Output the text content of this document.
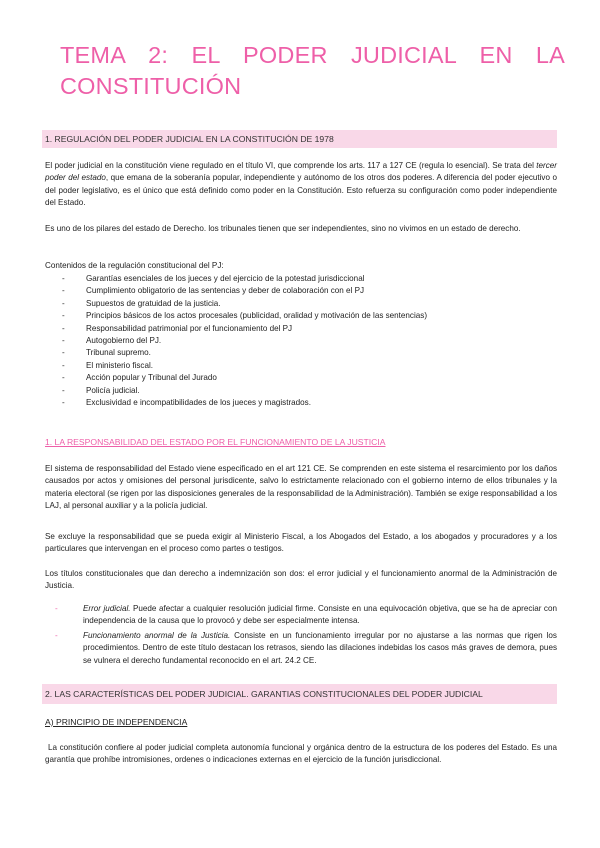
TEMA 2: EL PODER JUDICIAL EN LA CONSTITUCIÓN
1. REGULACIÓN DEL PODER JUDICIAL EN LA CONSTITUCIÓN DE 1978

El poder judicial en la constitución viene regulado en el título VI, que comprende los arts. 117 a 127 CE (regula lo esencial). Se trata del tercer poder del estado, que emana de la soberanía popular, independiente y autónomo de los otros dos poderes. A diferencia del poder ejecutivo o del poder legislativo, es el único que está definido como poder en la Constitución. Esto refuerza su configuración como poder independiente del Estado.

Es uno de los pilares del estado de Derecho. los tribunales tienen que ser independientes, sino no vivimos en un estado de derecho.

Contenidos de la regulación constitucional del PJ:

-	Garantías esenciales de los jueces y del ejercicio de la potestad jurisdiccional
-	Cumplimiento obligatorio de las sentencias y deber de colaboración con el PJ
-	Supuestos de gratuidad de la justicia.
-	Principios básicos de los actos procesales (publicidad, oralidad y motivación de las sentencias)
-	Responsabilidad patrimonial por el funcionamiento del PJ
-	Autogobierno del PJ.
-	Tribunal supremo.
-	El ministerio fiscal.
-	Acción popular y Tribunal del Jurado
-	Policía judicial.
-	Exclusividad e incompatibilidades de los jueces y magistrados.
1. LA RESPONSABILIDAD DEL ESTADO POR EL FUNCIONAMIENTO DE LA JUSTICIA

El sistema de responsabilidad del Estado viene especificado en el art 121 CE. Se comprenden en este sistema el resarcimiento por los daños causados por actos y omisiones del personal jurisdicente, salvo lo estrictamente relacionado con el gobierno interno de ellos tribunales y la materia electoral (se rigen por las disposiciones generales de la responsabilidad de la Administración). También se exige responsabilidad a los LAJ, al personal auxiliar y a la policía judicial.

Se excluye la responsabilidad que se pueda exigir al Ministerio Fiscal, a los Abogados del Estado, a los abogados y procuradores y a los particulares que intervengan en el proceso como partes o testigos.

Los títulos constitucionales que dan derecho a indemnización son dos: el error judicial y el funcionamiento anormal de la Administración de Justicia.

-	Error judicial. Puede afectar a cualquier resolución judicial firme. Consiste en una equivocación objetiva, que se ha de apreciar con independencia de la causa que lo provocó y debe ser especialmente intensa.
-	Funcionamiento anormal de la Justicia. Consiste en un funcionamiento irregular por no ajustarse a las normas que rigen los procedimientos. Dentro de este título destacan los retrasos, siendo las dilaciones indebidas los casos más graves de demora, pues se vulnera el derecho fundamental reconocido en el art. 24.2 CE.
2. LAS CARACTERÍSTICAS DEL PODER JUDICIAL. GARANTIAS CONSTITUCIONALES DEL PODER JUDICIAL
A) PRINCIPIO DE INDEPENDENCIA

La constitución confiere al poder judicial completa autonomía funcional y orgánica dentro de la estructura de los poderes del Estado. Es una garantía que prohíbe intromisiones, ordenes o indicaciones externas en el ejercicio de la función jurisdiccional.
